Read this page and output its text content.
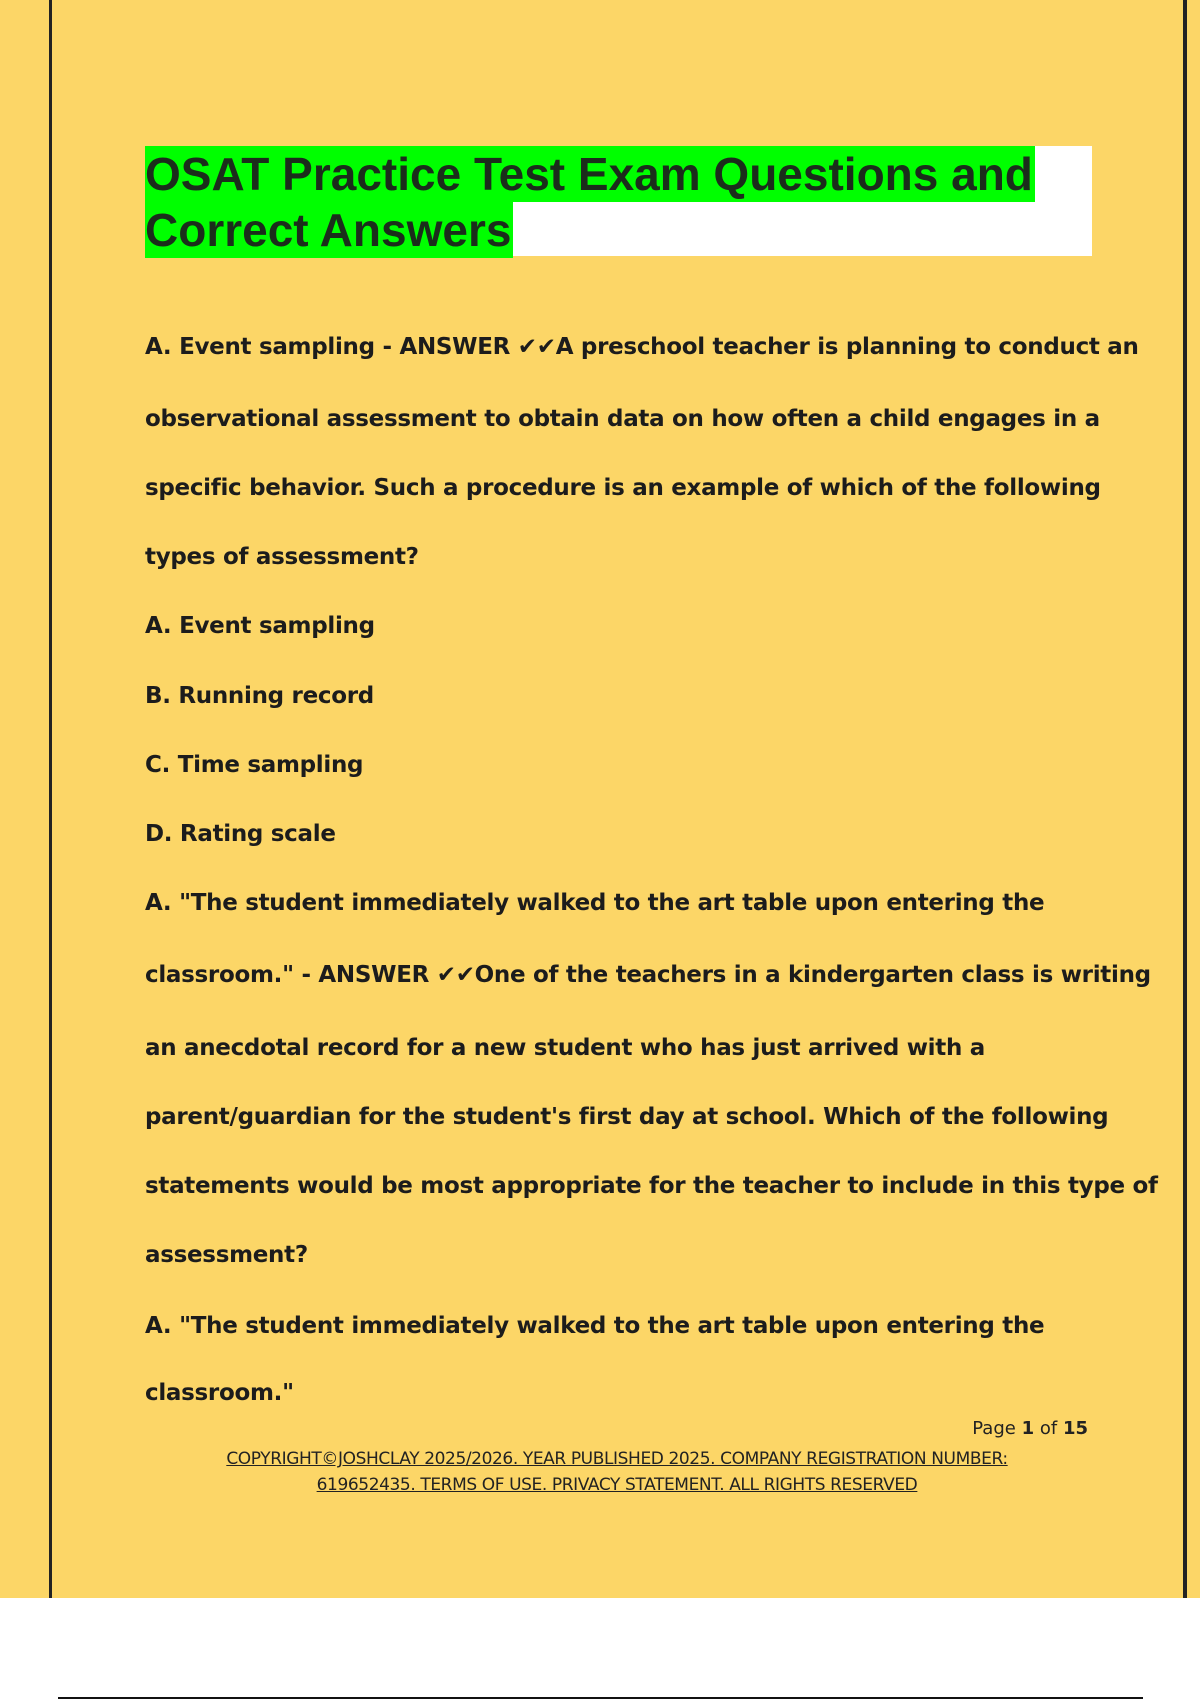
OSAT Practice Test Exam Questions and
Correct Answers
A. Event sampling - ANSWER ✔✔A preschool teacher is planning to conduct an
observational assessment to obtain data on how often a child engages in a
specific behavior. Such a procedure is an example of which of the following
types of assessment?
A. Event sampling
B. Running record
C. Time sampling
D. Rating scale
A. "The student immediately walked to the art table upon entering the
classroom." - ANSWER ✔✔One of the teachers in a kindergarten class is writing
an anecdotal record for a new student who has just arrived with a
parent/guardian for the student's first day at school. Which of the following
statements would be most appropriate for the teacher to include in this type of
assessment?
A. "The student immediately walked to the art table upon entering the
classroom."
Page 1 of 15
COPYRIGHT©JOSHCLAY 2025/2026. YEAR PUBLISHED 2025. COMPANY REGISTRATION NUMBER:
619652435. TERMS OF USE. PRIVACY STATEMENT. ALL RIGHTS RESERVED
